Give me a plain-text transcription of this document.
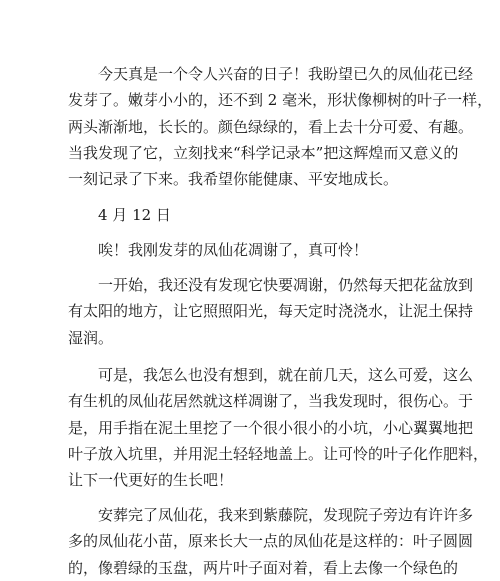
　　今天真是一个令人兴奋的日子！我盼望已久的凤仙花已经
发芽了。嫩芽小小的，还不到 2 毫米，形状像柳树的叶子一样，
两头渐渐地，长长的。颜色绿绿的，看上去十分可爱、有趣。
当我发现了它，立刻找来“科学记录本”把这辉煌而又意义的
一刻记录了下来。我希望你能健康、平安地成长。
　　4 月 12 日
　　唉！我刚发芽的凤仙花凋谢了，真可怜！
　　一开始，我还没有发现它快要凋谢，仍然每天把花盆放到
有太阳的地方，让它照照阳光，每天定时浇浇水，让泥土保持
湿润。
　　可是，我怎么也没有想到，就在前几天，这么可爱，这么
有生机的凤仙花居然就这样凋谢了，当我发现时，很伤心。于
是，用手指在泥土里挖了一个很小很小的小坑，小心翼翼地把
叶子放入坑里，并用泥土轻轻地盖上。让可怜的叶子化作肥料，
让下一代更好的生长吧！
　　安葬完了凤仙花，我来到紫藤院，发现院子旁边有许许多
多的凤仙花小苗，原来长大一点的凤仙花是这样的：叶子圆圆
的，像碧绿的玉盘，两片叶子面对着，看上去像一个绿色的
